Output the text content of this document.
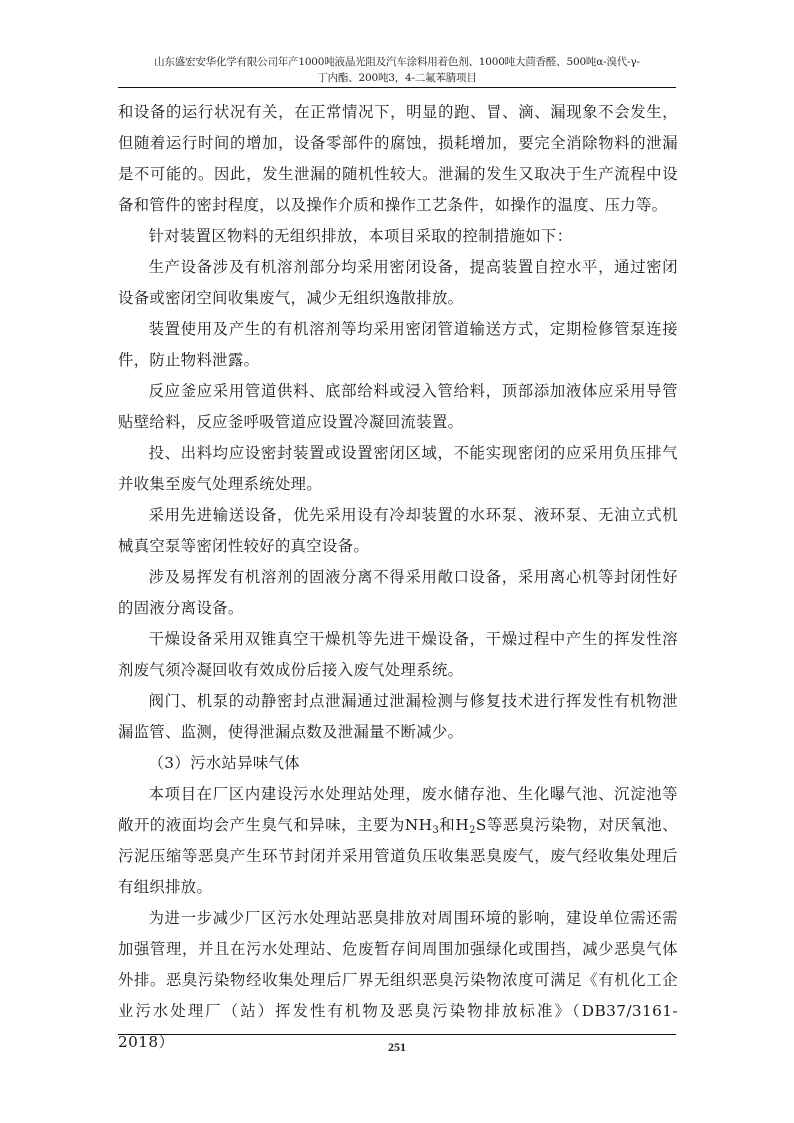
山东盛宏安华化学有限公司年产1000吨液晶光阻及汽车涂料用着色剂、1000吨大茴香醛、500吨α-溴代-γ-
丁内酯、200吨3，4-二氟苯腈项目

和设备的运行状况有关，在正常情况下，明显的跑、冒、滴、漏现象不会发生，但随着运行时间的增加，设备零部件的腐蚀，损耗增加，要完全消除物料的泄漏是不可能的。因此，发生泄漏的随机性较大。泄漏的发生又取决于生产流程中设备和管件的密封程度，以及操作介质和操作工艺条件，如操作的温度、压力等。

针对装置区物料的无组织排放，本项目采取的控制措施如下：

生产设备涉及有机溶剂部分均采用密闭设备，提高装置自控水平，通过密闭设备或密闭空间收集废气，减少无组织逸散排放。

装置使用及产生的有机溶剂等均采用密闭管道输送方式，定期检修管泵连接件，防止物料泄露。

反应釜应采用管道供料、底部给料或浸入管给料，顶部添加液体应采用导管贴壁给料，反应釜呼吸管道应设置冷凝回流装置。

投、出料均应设密封装置或设置密闭区域，不能实现密闭的应采用负压排气并收集至废气处理系统处理。

采用先进输送设备，优先采用设有冷却装置的水环泵、液环泵、无油立式机械真空泵等密闭性较好的真空设备。

涉及易挥发有机溶剂的固液分离不得采用敞口设备，采用离心机等封闭性好的固液分离设备。

干燥设备采用双锥真空干燥机等先进干燥设备，干燥过程中产生的挥发性溶剂废气须冷凝回收有效成份后接入废气处理系统。

阀门、机泵的动静密封点泄漏通过泄漏检测与修复技术进行挥发性有机物泄漏监管、监测，使得泄漏点数及泄漏量不断减少。

（3）污水站异味气体

本项目在厂区内建设污水处理站处理，废水储存池、生化曝气池、沉淀池等敞开的液面均会产生臭气和异味，主要为$NH_3$和$H_2S$等恶臭污染物，对厌氧池、污泥压缩等恶臭产生环节封闭并采用管道负压收集恶臭废气，废气经收集处理后有组织排放。

为进一步减少厂区污水处理站恶臭排放对周围环境的影响，建设单位需还需加强管理，并且在污水处理站、危废暂存间周围加强绿化或围挡，减少恶臭气体外排。恶臭污染物经收集处理后厂界无组织恶臭污染物浓度可满足《有机化工企业污水处理厂（站）挥发性有机物及恶臭污染物排放标准》（DB37/3161-2018）	251
